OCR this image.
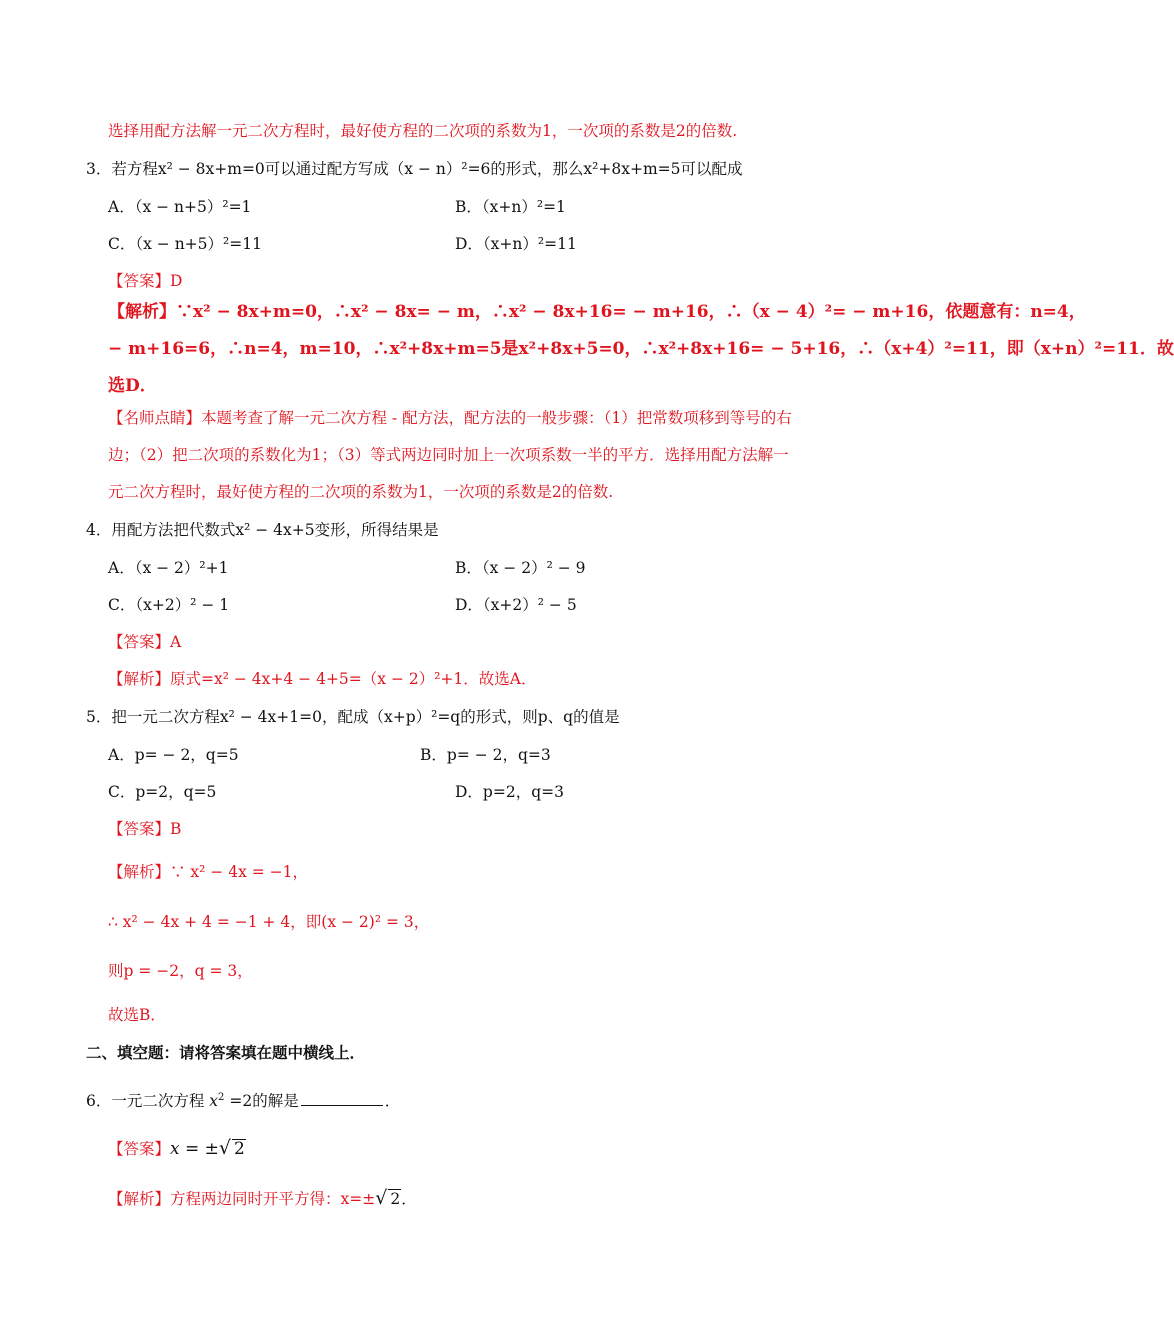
选择用配方法解一元二次方程时，最好使方程的二次项的系数为1，一次项的系数是2的倍数.
3．若方程x² − 8x+m=0可以通过配方写成（x − n）²=6的形式，那么x²+8x+m=5可以配成
A．（x − n+5）²=1	B．（x+n）²=1
C．（x − n+5）²=11	D．（x+n）²=11
【答案】D
【解析】∵x² − 8x+m=0，∴x² − 8x= − m，∴x² − 8x+16= − m+16，∴（x − 4）²= − m+16，依题意有：n=4，
− m+16=6，∴n=4，m=10，∴x²+8x+m=5是x²+8x+5=0，∴x²+8x+16= − 5+16，∴（x+4）²=11，即（x+n）²=11．故
选D．
【名师点睛】本题考查了解一元二次方程 - 配方法，配方法的一般步骤：（1）把常数项移到等号的右
边；（2）把二次项的系数化为1；（3）等式两边同时加上一次项系数一半的平方．选择用配方法解一
元二次方程时，最好使方程的二次项的系数为1，一次项的系数是2的倍数.
4．用配方法把代数式x² − 4x+5变形，所得结果是
A．（x − 2）²+1	B．（x − 2）² − 9
C．（x+2）² − 1	D．（x+2）² − 5
【答案】A
【解析】原式=x² − 4x+4 − 4+5=（x − 2）²+1．故选A．
5．把一元二次方程x² − 4x+1=0，配成（x+p）²=q的形式，则p、q的值是
A．p= − 2，q=5	B．p= − 2，q=3
C．p=2，q=5	D．p=2，q=3
【答案】B
【解析】∵ x² − 4x = −1，
∴ x² − 4x + 4 = −1 + 4，即(x − 2)² = 3，
则p = −2，q = 3，
故选B．
二、填空题：请将答案填在题中横线上．
6．一元二次方程 $x^2 =2$的解是	．
【答案】x = ±√ 2
【解析】方程两边同时开平方得：x=±√ 2．
